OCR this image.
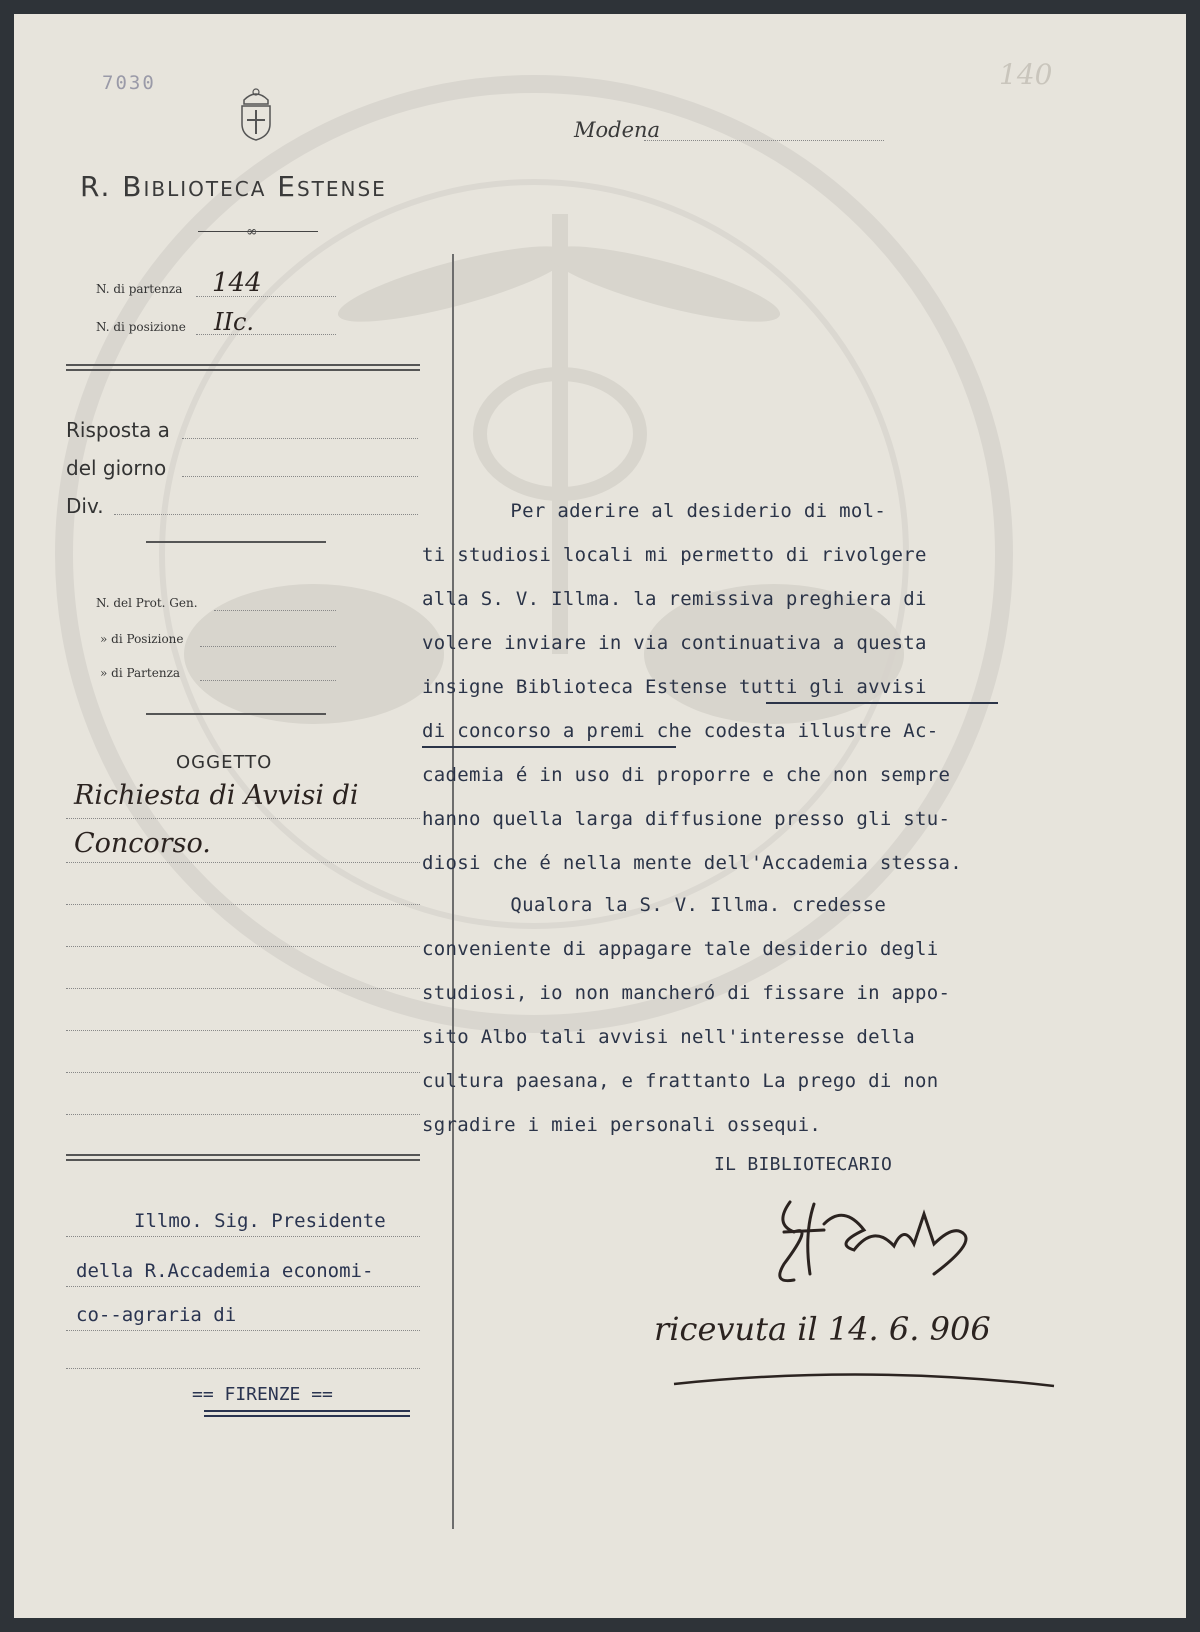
7030	140
R. Biblioteca Estense
∞
Modena
N. di partenza 144
N. di posizione IIc.
Risposta a
del giorno
Div.
N. del Prot. Gen.
» di Posizione
» di Partenza
OGGETTO
Richiesta di Avvisi di
Concorso.
Illmo. Sig. Presidente
della R.Accademia economi-
co--agraria di
== FIRENZE ==
Per aderire al desiderio di mol-
ti studiosi locali mi permetto di rivolgere
alla S. V. Illma. la remissiva preghiera di
volere inviare in via continuativa a questa
insigne Biblioteca Estense tutti gli avvisi
di concorso a premi che codesta illustre Ac-
cademia é in uso di proporre e che non sempre
hanno quella larga diffusione presso gli stu-
diosi che é nella mente dell'Accademia stessa.
Qualora la S. V. Illma. credesse
conveniente di appagare tale desiderio degli
studiosi, io non mancheró di fissare in appo-
sito Albo tali avvisi nell'interesse della
cultura paesana, e frattanto La prego di non
sgradire i miei personali ossequi.
IL BIBLIOTECARIO
ricevuta il 14. 6. 906
